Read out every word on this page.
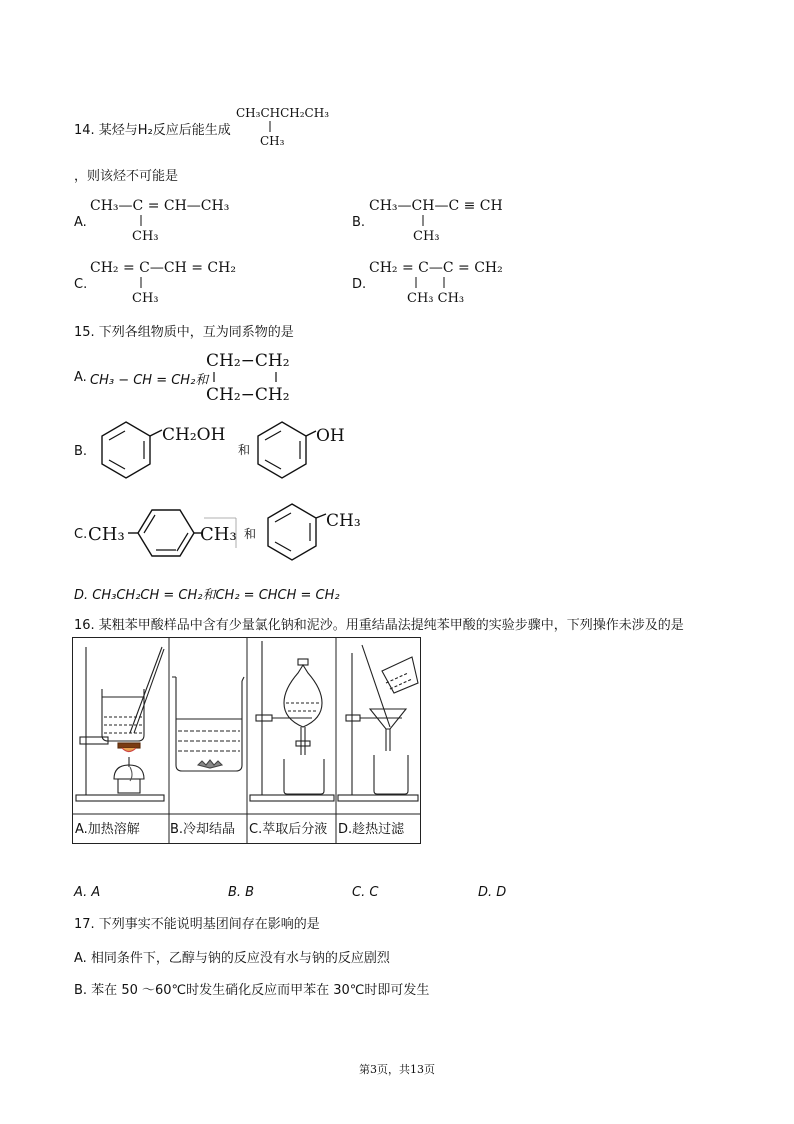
14. 某烃与H₂反应后能生成
CH₃CHCH₂CH₃
CH₃
，则该烃不可能是
A.
CH₃—C = CH—CH₃
CH₃
B.
CH₃—CH—C ≡ CH
CH₃
C.
CH₂ = C—CH = CH₂
CH₃
D.
CH₂ = C—C = CH₂
CH₃ CH₃
15. 下列各组物质中，互为同系物的是
A. CH₃ − CH = CH₂和
CH₂−CH₂
CH₂−CH₂
B.
CH₂OH
和
OH
C. CH₃	CH₃ 和
CH₃
D. CH₃CH₂CH = CH₂和CH₂ = CHCH = CH₂
16. 某粗苯甲酸样品中含有少量氯化钠和泥沙。用重结晶法提纯苯甲酸的实验步骤中，下列操作未涉及的是
A.加热溶解 B.冷却结晶 C.萃取后分液 D.趁热过滤
A. A	B. B	C. C	D. D
17. 下列事实不能说明基团间存在影响的是
A. 相同条件下，乙醇与钠的反应没有水与钠的反应剧烈
B. 苯在 50 ～60℃时发生硝化反应而甲苯在 30℃时即可发生
第3页，共13页
